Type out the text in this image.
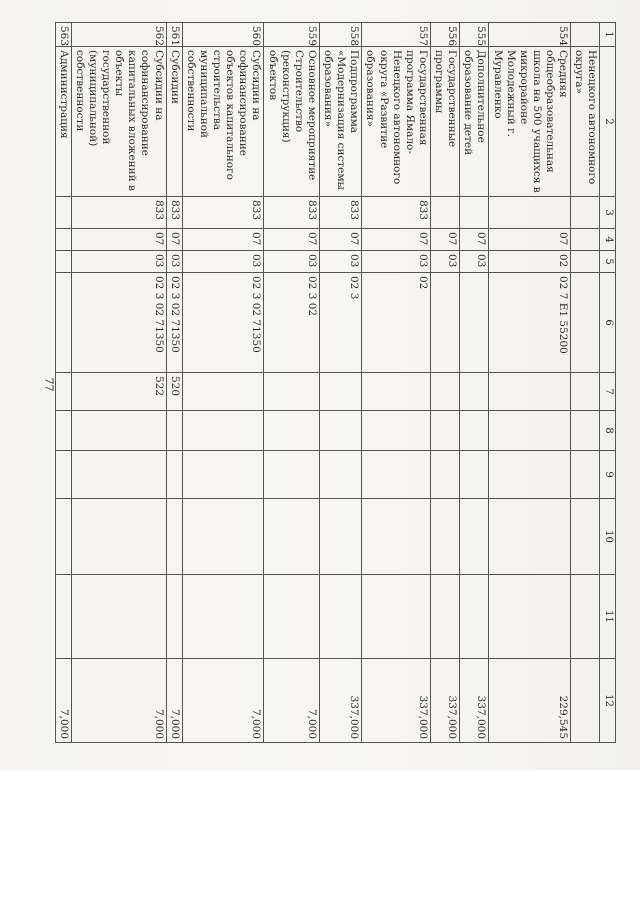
77
1	2	3	4	5	6	7	8	9	10	11	12
	Ненецкого автономного округа»										
554	Средняя общеобразовательная школа на 500 учащихся в микрорайоне Молодежный г. Муравленко		07	02	02 7 Е1 55200						229,545
555	Дополнительное образование детей		07	03							337,000
556	Государственные программы		07	03							337,000
557	Государственная программа Ямало-Ненецкого автономного округа «Развитие образования»	833	07	03	02						337,000
558	Подпрограмма «Модернизация системы образования»	833	07	03	02 3						337,000
559	Основное мероприятие Строительство (реконструкция) объектов	833	07	03	02 3 02						7,000
560	Субсидии на софинансирование объектов капитального строительства муниципальной собственности	833	07	03	02 3 02 71350						7,000
561	Субсидии	833	07	03	02 3 02 71350	520					7,000
562	Субсидии на софинансирование капитальных вложений в объекты государственной (муниципальной) собственности	833	07	03	02 3 02 71350	522					7,000
563	Администрация										7,000
